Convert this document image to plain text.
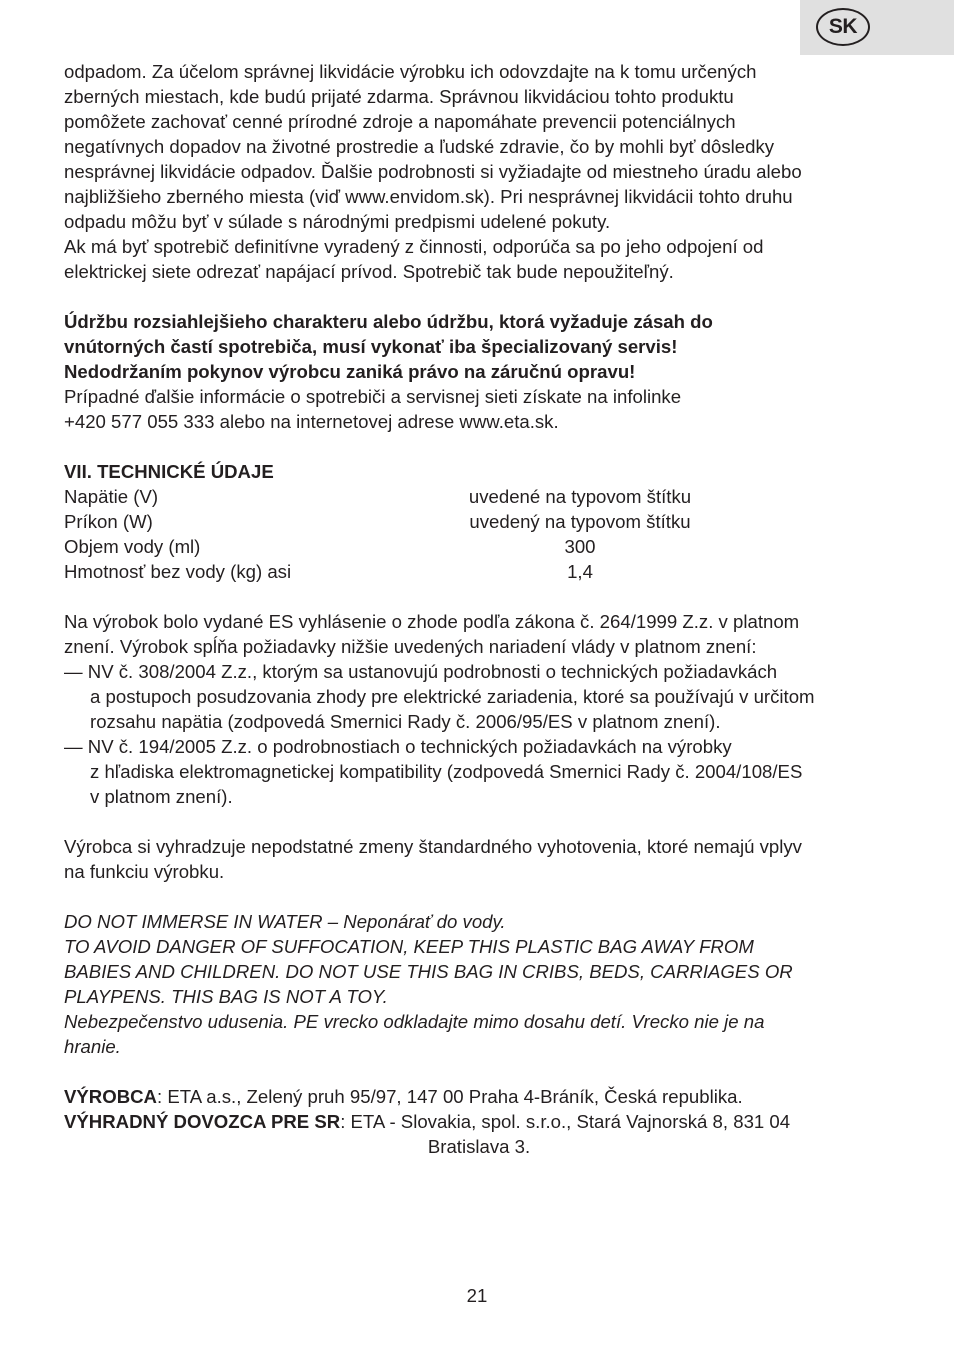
SK

odpadom. Za účelom správnej likvidácie výrobku ich odovzdajte na k tomu určených

zberných miestach, kde budú prijaté zdarma. Správnou likvidáciou tohto produktu

pomôžete zachovať cenné prírodné zdroje a napomáhate prevencii potenciálnych

negatívnych dopadov na životné prostredie a ľudské zdravie, čo by mohli byť dôsledky

nesprávnej likvidácie odpadov. Ďalšie podrobnosti si vyžiadajte od miestneho úradu alebo

najbližšieho zberného miesta (viď www.envidom.sk). Pri nesprávnej likvidácii tohto druhu

odpadu môžu byť v súlade s národnými predpismi udelené pokuty.

Ak má byť spotrebič definitívne vyradený z činnosti, odporúča sa po jeho odpojení od

elektrickej siete odrezať napájací prívod. Spotrebič tak bude nepoužiteľný.

Údržbu rozsiahlejšieho charakteru alebo údržbu, ktorá vyžaduje zásah do

vnútorných častí spotrebiča, musí vykonať iba špecializovaný servis!

Nedodržaním pokynov výrobcu zaniká právo na záručnú opravu!

Prípadné ďalšie informácie o spotrebiči a servisnej sieti získate na infolinke

+420 577 055 333 alebo na internetovej adrese www.eta.sk.

VII. TECHNICKÉ ÚDAJE

Napätie (V)	uvedené na typovom štítku
Príkon (W)	uvedený na typovom štítku
Objem vody (ml)	300
Hmotnosť bez vody (kg) asi	1,4

Na výrobok bolo vydané ES vyhlásenie o zhode podľa zákona č. 264/1999 Z.z. v platnom

znení. Výrobok spĺňa požiadavky nižšie uvedených nariadení vlády v platnom znení:

— NV č. 308/2004 Z.z., ktorým sa ustanovujú podrobnosti o technických požiadavkách

a postupoch posudzovania zhody pre elektrické zariadenia, ktoré sa používajú v určitom

rozsahu napätia (zodpovedá Smernici Rady č. 2006/95/ES v platnom znení).

— NV č. 194/2005 Z.z. o podrobnostiach o technických požiadavkách na výrobky

z hľadiska elektromagnetickej kompatibility (zodpovedá Smernici Rady č. 2004/108/ES

v platnom znení).

Výrobca si vyhradzuje nepodstatné zmeny štandardného vyhotovenia, ktoré nemajú vplyv

na funkciu výrobku.

DO NOT IMMERSE IN WATER – Neponárať do vody.

TO AVOID DANGER OF SUFFOCATION, KEEP THIS PLASTIC BAG AWAY FROM

BABIES AND CHILDREN. DO NOT USE THIS BAG IN CRIBS, BEDS, CARRIAGES OR

PLAYPENS. THIS BAG IS NOT A TOY.

Nebezpečenstvo udusenia. PE vrecko odkladajte mimo dosahu detí. Vrecko nie je na

hranie.

VÝROBCA: ETA a.s., Zelený pruh 95/97, 147 00 Praha 4-Bráník, Česká republika.

VÝHRADNÝ DOVOZCA PRE SR: ETA - Slovakia, spol. s.r.o., Stará Vajnorská 8, 831 04

Bratislava 3.

21
